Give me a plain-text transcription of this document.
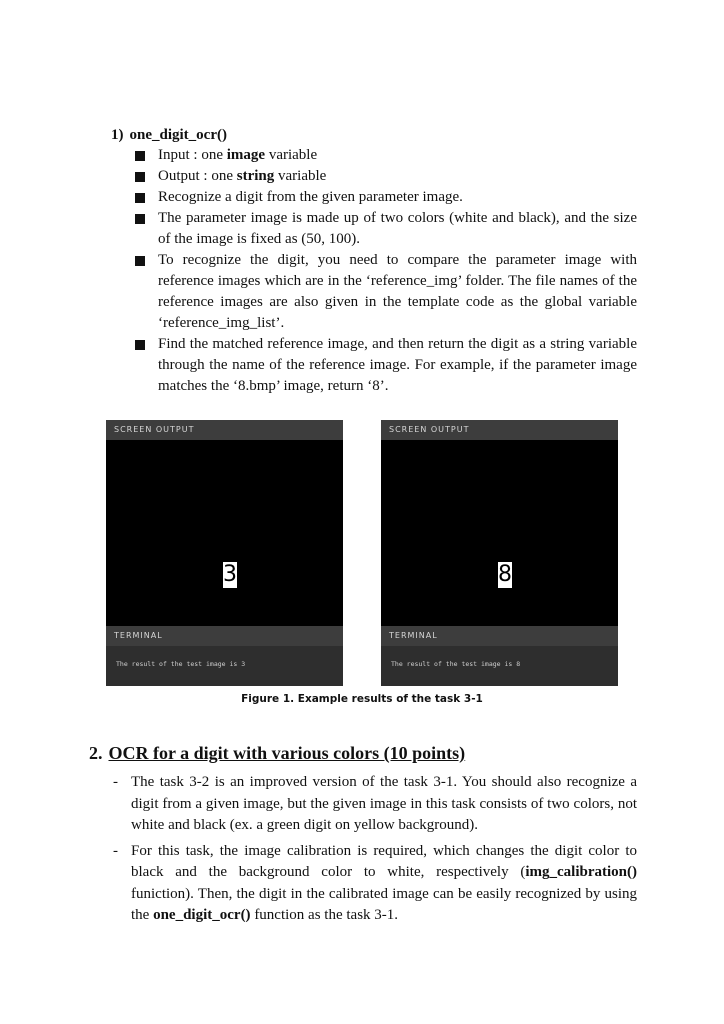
1) one_digit_ocr()
Input : one image variable
Output : one string variable
Recognize a digit from the given parameter image.
The parameter image is made up of two colors (white and black), and the size of the image is fixed as (50, 100).
To recognize the digit, you need to compare the parameter image with reference images which are in the ‘reference_img’ folder. The file names of the reference images are also given in the template code as the global variable ‘reference_img_list’.
Find the matched reference image, and then return the digit as a string variable through the name of the reference image. For example, if the parameter image matches the ‘8.bmp’ image, return ‘8’.
SCREEN OUTPUT
3
TERMINAL
The result of the test image is 3
SCREEN OUTPUT
8
TERMINAL
The result of the test image is 8
Figure 1. Example results of the task 3-1
2. OCR for a digit with various colors (10 points)
- The task 3-2 is an improved version of the task 3-1. You should also recognize a digit from a given image, but the given image in this task consists of two colors, not white and black (ex. a green digit on yellow background).
- For this task, the image calibration is required, which changes the digit color to black and the background color to white, respectively (img_calibration() funiction). Then, the digit in the calibrated image can be easily recognized by using the one_digit_ocr() function as the task 3-1.
